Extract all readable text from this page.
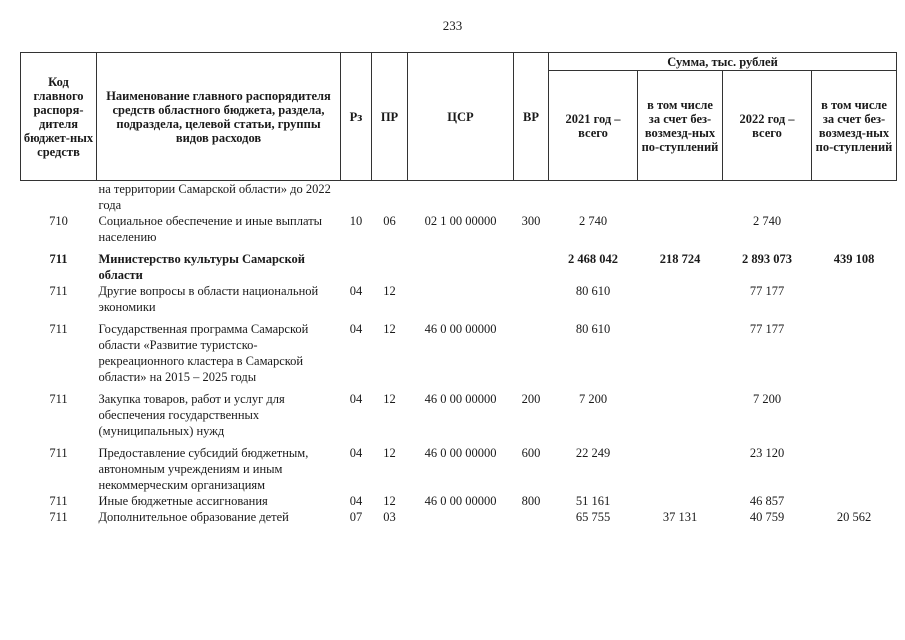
233
Код главного распоря-дителя бюджет-ных средств	Наименование главного распорядителя средств областного бюджета, раздела, подраздела, целевой статьи, группы видов расходов	Рз	ПР	ЦСР	ВР	Сумма, тыс. рублей			
						2021 год – всего	в том числе за счет без-возмезд-ных по-ступлений	2022 год – всего	в том числе за счет без-возмезд-ных по-ступлений
	на территории Самарской области» до 2022 года								
710	Социальное обеспечение и иные выплаты населению	10	06	02 1 00 00000	300	2 740		2 740	
711	Министерство культуры Самарской области					2 468 042	218 724	2 893 073	439 108
711	Другие вопросы в области национальной экономики	04	12			80 610		77 177	
711	Государственная программа Самарской области «Развитие туристско-рекреационного кластера в Самарской области» на 2015 – 2025 годы	04	12	46 0 00 00000		80 610		77 177	
711	Закупка товаров, работ и услуг для обеспечения государственных (муниципальных) нужд	04	12	46 0 00 00000	200	7 200		7 200	
711	Предоставление субсидий бюджетным, автономным учреждениям и иным некоммерческим организациям	04	12	46 0 00 00000	600	22 249		23 120	
711	Иные бюджетные ассигнования	04	12	46 0 00 00000	800	51 161		46 857	
711	Дополнительное образование детей	07	03			65 755	37 131	40 759	20 562
